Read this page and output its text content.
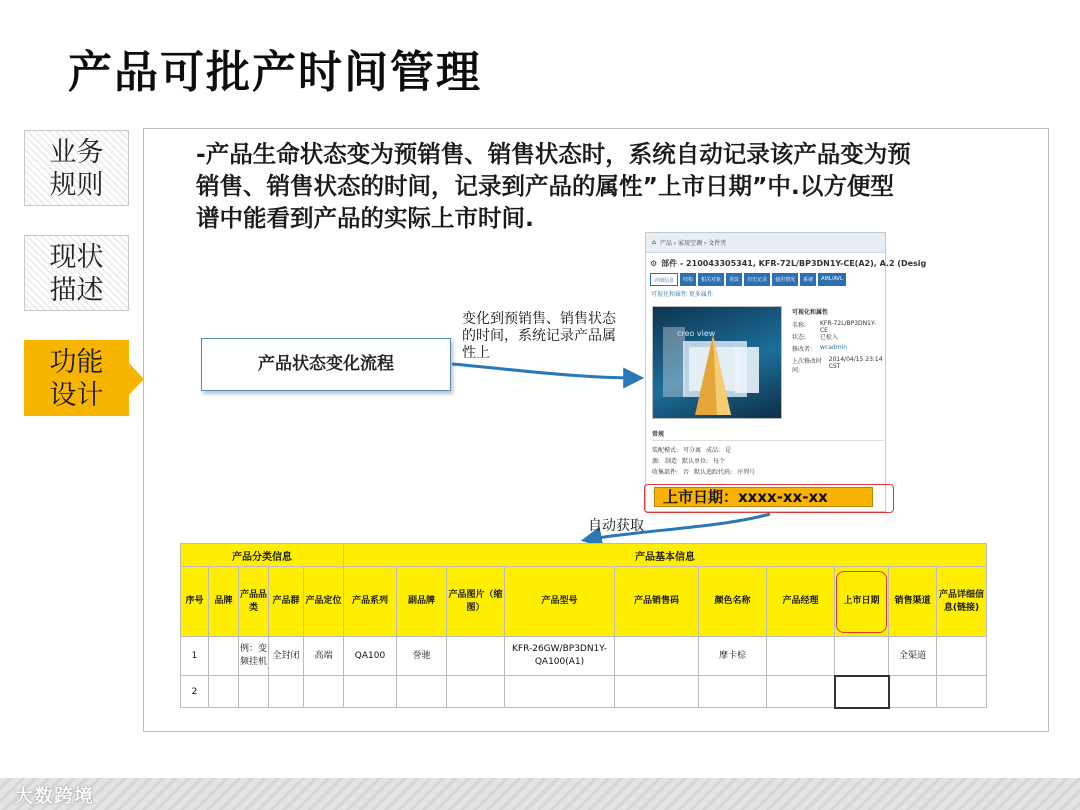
产品可批产时间管理
业务
规则
现状
描述
功能
设计
-产品生命状态变为预销售、销售状态时，系统自动记录该产品变为预
销售、销售状态的时间，记录到产品的属性”上市日期”中.以方便型
谱中能看到产品的实际上市时间.
产品状态变化流程
变化到预销售、销售状态
的时间，系统记录产品属
性上
自动获取
⌂ 产品 › 家用空调 › 文件夹
⚙ 部件 - 210043305341, KFR-72L/BP3DN1Y-CE(A2), A.2 (Desig
详细信息	结构	相关对象	更改	历史记录	使用情况	系统	AML/AVL
可视化和属性 更多属性
creo view
可视化和属性
名称:	KFR-72L/BP3DN1Y-CE
状态:	已检入
修改者:	wcadmin
上次修改时间:
2014/04/15 23:14 CST
常规
装配模式: 可分离 成品: 是
源: 制造 默认单位: 每个
收集部件: 否 默认追踪代码: 序列号
上市日期：xxxx-xx-xx
产品分类信息					产品基本信息									
序号	品牌	产品品类	产品群	产品定位	产品系列	副品牌	产品图片（缩图）	产品型号	产品销售码	颜色名称	产品经理	上市日期	销售渠道	产品详细信息(链接)
1		例：变频挂机	全封闭	高端	QA100	誉驰		KFR-26GW/BP3DN1Y-QA100(A1)		摩卡棕			全渠道	
2														
大数跨境
